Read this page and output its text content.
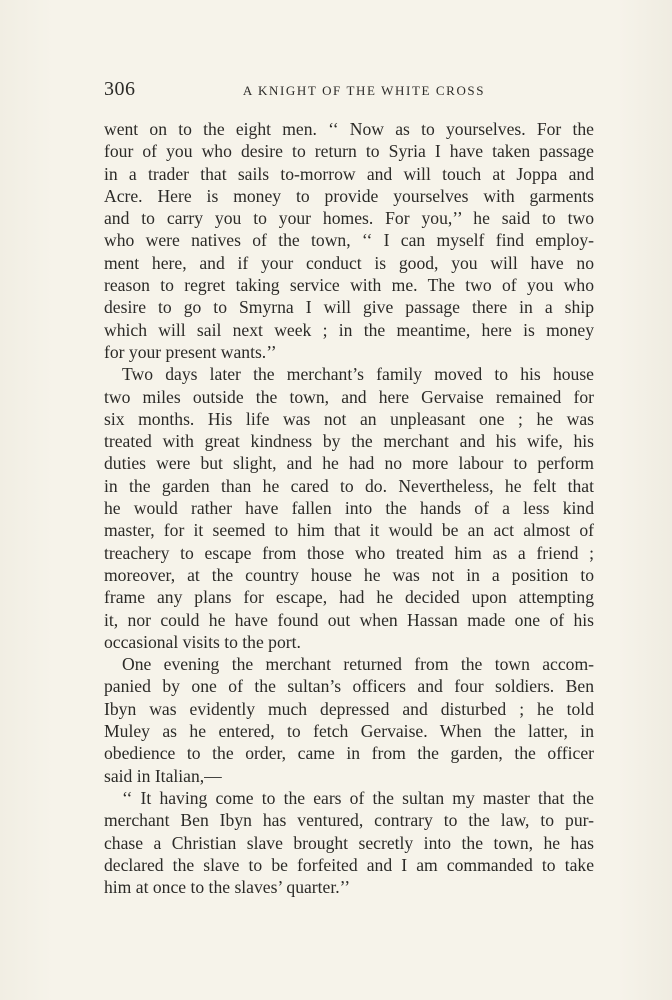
306	A KNIGHT OF THE WHITE CROSS
went on to the eight men. ‘‘ Now as to yourselves. For the
four of you who desire to return to Syria I have taken passage
in a trader that sails to-morrow and will touch at Joppa and
Acre. Here is money to provide yourselves with garments
and to carry you to your homes. For you,’’ he said to two
who were natives of the town, ‘‘ I can myself find employ-
ment here, and if your conduct is good, you will have no
reason to regret taking service with me. The two of you who
desire to go to Smyrna I will give passage there in a ship
which will sail next week ; in the meantime, here is money
for your present wants.’’
Two days later the merchant’s family moved to his house
two miles outside the town, and here Gervaise remained for
six months. His life was not an unpleasant one ; he was
treated with great kindness by the merchant and his wife, his
duties were but slight, and he had no more labour to perform
in the garden than he cared to do. Nevertheless, he felt that
he would rather have fallen into the hands of a less kind
master, for it seemed to him that it would be an act almost of
treachery to escape from those who treated him as a friend ;
moreover, at the country house he was not in a position to
frame any plans for escape, had he decided upon attempting
it, nor could he have found out when Hassan made one of his
occasional visits to the port.
One evening the merchant returned from the town accom-
panied by one of the sultan’s officers and four soldiers. Ben
Ibyn was evidently much depressed and disturbed ; he told
Muley as he entered, to fetch Gervaise. When the latter, in
obedience to the order, came in from the garden, the officer
said in Italian,—
‘‘ It having come to the ears of the sultan my master that the
merchant Ben Ibyn has ventured, contrary to the law, to pur-
chase a Christian slave brought secretly into the town, he has
declared the slave to be forfeited and I am commanded to take
him at once to the slaves’ quarter.’’
